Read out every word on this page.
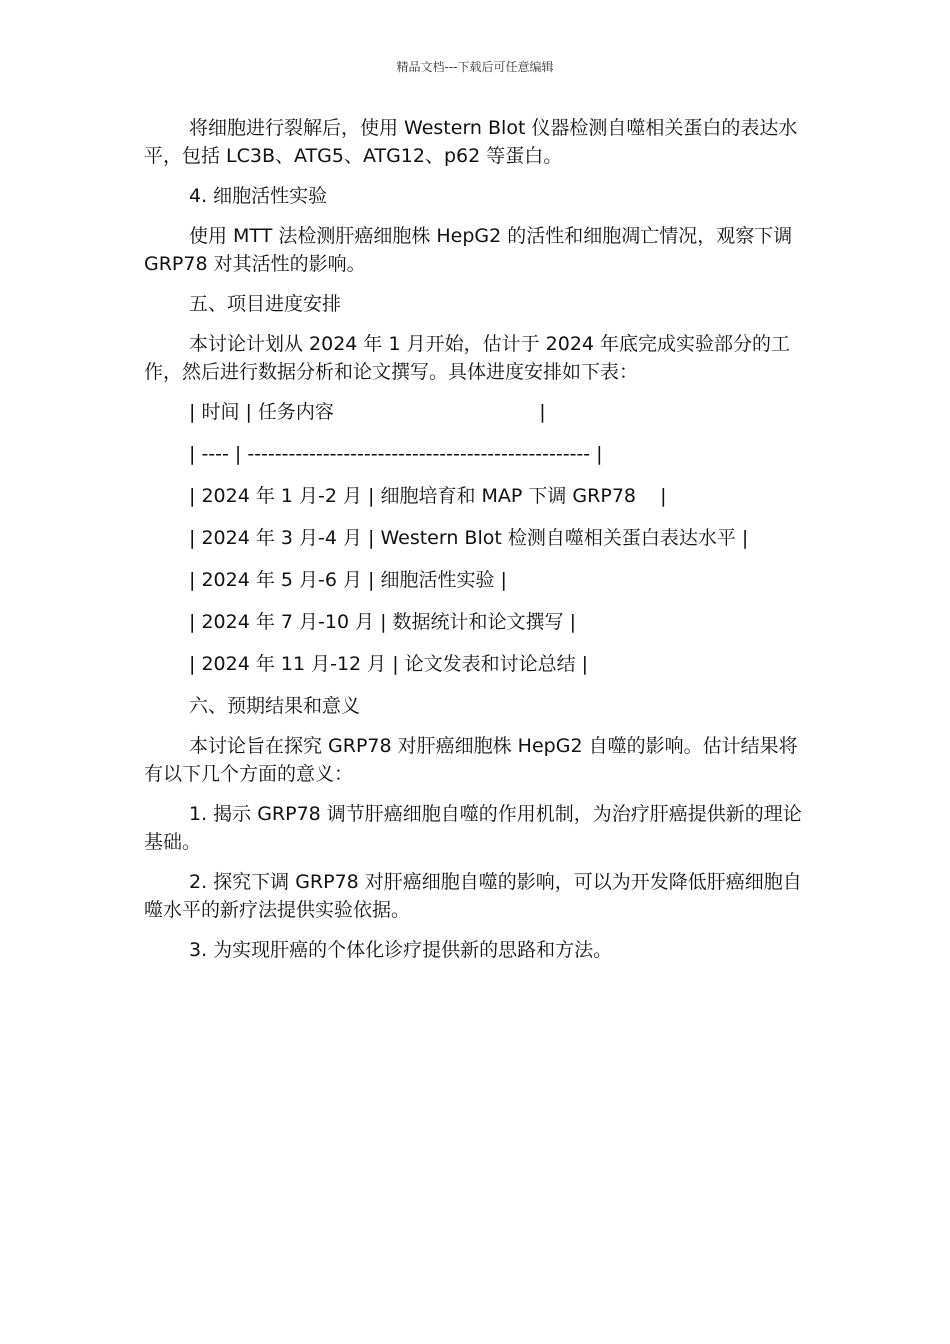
精品文档---下载后可任意编辑

将细胞进行裂解后，使用 Western Blot 仪器检测自噬相关蛋白的表达水平，包括 LC3B、ATG5、ATG12、p62 等蛋白。

4. 细胞活性实验

使用 MTT 法检测肝癌细胞株 HepG2 的活性和细胞凋亡情况，观察下调 GRP78 对其活性的影响。

五、项目进度安排

本讨论计划从 2024 年 1 月开始，估计于 2024 年底完成实验部分的工作，然后进行数据分析和论文撰写。具体进度安排如下表：

| 时间 | 任务内容                                  |
| ---- | -------------------------------------------------- |
| 2024 年 1 月-2 月 | 细胞培育和 MAP 下调 GRP78    |
| 2024 年 3 月-4 月 | Western Blot 检测自噬相关蛋白表达水平 |
| 2024 年 5 月-6 月 | 细胞活性实验 |
| 2024 年 7 月-10 月 | 数据统计和论文撰写 |
| 2024 年 11 月-12 月 | 论文发表和讨论总结 |

六、预期结果和意义

本讨论旨在探究 GRP78 对肝癌细胞株 HepG2 自噬的影响。估计结果将有以下几个方面的意义：

1. 揭示 GRP78 调节肝癌细胞自噬的作用机制，为治疗肝癌提供新的理论基础。

2. 探究下调 GRP78 对肝癌细胞自噬的影响，可以为开发降低肝癌细胞自噬水平的新疗法提供实验依据。

3. 为实现肝癌的个体化诊疗提供新的思路和方法。
